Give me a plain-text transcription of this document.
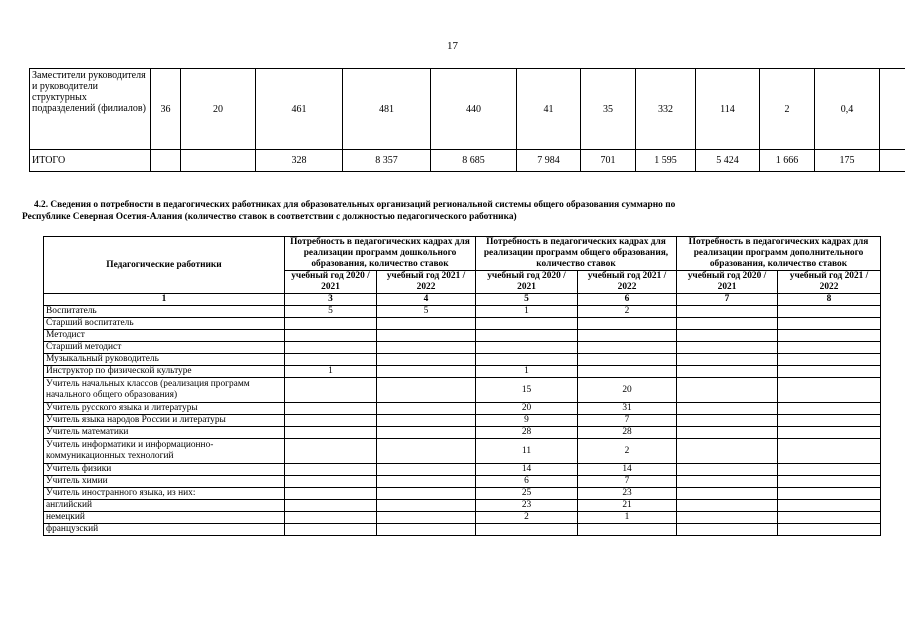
17
Заместители руководителя и руководители структурных подразделений (филиалов)	36	20	461	481	440	41	35	332	114	2	0,4	
ИТОГО			328	8 357	8 685	7 984	701	1 595	5 424	1 666	175	
4.2. Сведения о потребности в педагогических работниках для образовательных организаций региональной системы общего образования суммарно по
Республике Северная Осетия-Алания (количество ставок в соответствии с должностью педагогического работника)
Педагогические работники	Потребность в педагогических кадрах для реализации программ дошкольного образования, количество ставок		Потребность в педагогических кадрах для реализации программ общего образования, количество ставок		Потребность в педагогических кадрах для реализации программ дополнительного образования, количество ставок	
	учебный год 2020 / 2021	учебный год 2021 / 2022	учебный год 2020 / 2021	учебный год 2021 / 2022	учебный год 2020 / 2021	учебный год 2021 / 2022
1	3	4	5	6	7	8
Воспитатель	5	5	1	2		
Старший воспитатель						
Методист						
Старший методист						
Музыкальный руководитель						
Инструктор по физической культуре	1		1			
Учитель начальных классов (реализация программ начального общего образования)			15	20		
Учитель русского языка и литературы			20	31		
Учитель языка народов России и литературы			9	7		
Учитель математики			28	28		
Учитель информатики и информационно-коммуникационных технологий			11	2		
Учитель физики			14	14		
Учитель химии			6	7		
Учитель иностранного языка, из них:			25	23		
английский			23	21		
немецкий			2	1		
французский						
